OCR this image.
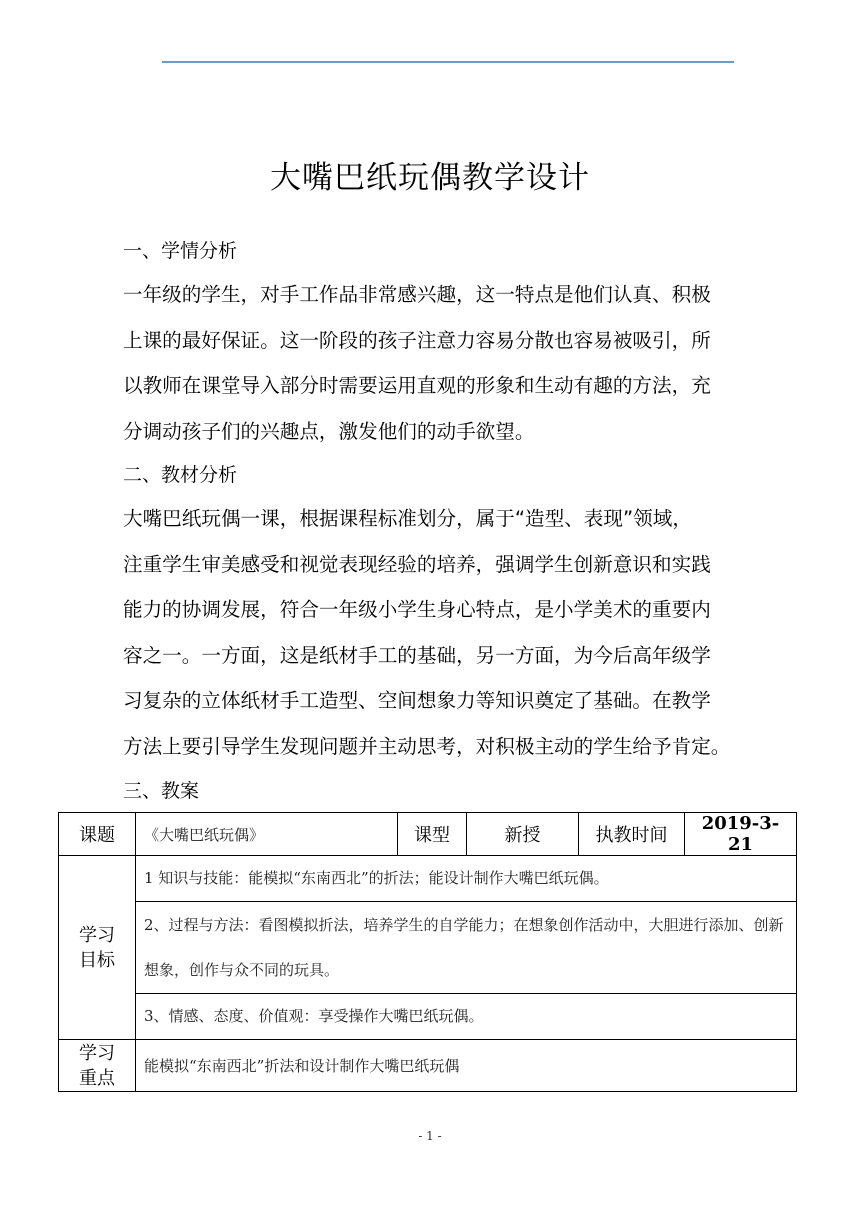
大嘴巴纸玩偶教学设计
一、学情分析
一年级的学生，对手工作品非常感兴趣，这一特点是他们认真、积极
上课的最好保证。这一阶段的孩子注意力容易分散也容易被吸引，所
以教师在课堂导入部分时需要运用直观的形象和生动有趣的方法，充
分调动孩子们的兴趣点，激发他们的动手欲望。
二、教材分析
大嘴巴纸玩偶一课，根据课程标准划分，属于“造型、表现”领域，
注重学生审美感受和视觉表现经验的培养，强调学生创新意识和实践
能力的协调发展，符合一年级小学生身心特点，是小学美术的重要内
容之一。一方面，这是纸材手工的基础，另一方面，为今后高年级学
习复杂的立体纸材手工造型、空间想象力等知识奠定了基础。在教学
方法上要引导学生发现问题并主动思考，对积极主动的学生给予肯定。
三、教案
课题	《大嘴巴纸玩偶》	课型	新授	执教时间	2019-3-21
学习
目标	1 知识与技能：能模拟“东南西北”的折法；能设计制作大嘴巴纸玩偶。				
	2、过程与方法：看图模拟折法，培养学生的自学能力；在想象创作活动中，大胆进行添加、创新想象，创作与众不同的玩具。				
	3、情感、态度、价值观：享受操作大嘴巴纸玩偶。				
学习
重点	能模拟“东南西北”折法和设计制作大嘴巴纸玩偶				
- 1 -
